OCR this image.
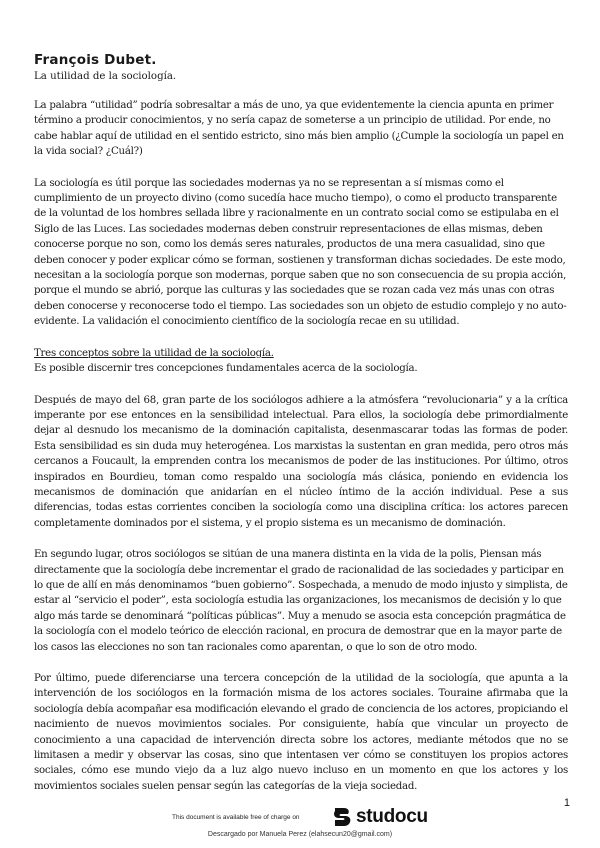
François Dubet.
La utilidad de la sociología.

La palabra “utilidad” podría sobresaltar a más de uno, ya que evidentemente la ciencia apunta en primer término a producir conocimientos, y no sería capaz de someterse a un principio de utilidad. Por ende, no cabe hablar aquí de utilidad en el sentido estricto, sino más bien amplio (¿Cumple la sociología un papel en la vida social? ¿Cuál?)

La sociología es útil porque las sociedades modernas ya no se representan a sí mismas como el cumplimiento de un proyecto divino (como sucedía hace mucho tiempo), o como el producto transparente de la voluntad de los hombres sellada libre y racionalmente en un contrato social como se estipulaba en el Siglo de las Luces. Las sociedades modernas deben construir representaciones de ellas mismas, deben conocerse porque no son, como los demás seres naturales, productos de una mera casualidad, sino que deben conocer y poder explicar cómo se forman, sostienen y transforman dichas sociedades. De este modo, necesitan a la sociología porque son modernas, porque saben que no son consecuencia de su propia acción, porque el mundo se abrió, porque las culturas y las sociedades que se rozan cada vez más unas con otras deben conocerse y reconocerse todo el tiempo. Las sociedades son un objeto de estudio complejo y no auto-evidente. La validación el conocimiento científico de la sociología recae en su utilidad.

Tres conceptos sobre la utilidad de la sociología.

Es posible discernir tres concepciones fundamentales acerca de la sociología.

Después de mayo del 68, gran parte de los sociólogos adhiere a la atmósfera “revolucionaria” y a la crítica imperante por ese entonces en la sensibilidad intelectual. Para ellos, la sociología debe primordialmente dejar al desnudo los mecanismo de la dominación capitalista, desenmascarar todas las formas de poder. Esta sensibilidad es sin duda muy heterogénea. Los marxistas la sustentan en gran medida, pero otros más cercanos a Foucault, la emprenden contra los mecanismos de poder de las instituciones. Por último, otros inspirados en Bourdieu, toman como respaldo una sociología más clásica, poniendo en evidencia los mecanismos de dominación que anidarían en el núcleo íntimo de la acción individual. Pese a sus diferencias, todas estas corrientes conciben la sociología como una disciplina crítica: los actores parecen completamente dominados por el sistema, y el propio sistema es un mecanismo de dominación.

En segundo lugar, otros sociólogos se sitúan de una manera distinta en la vida de la polis, Piensan más directamente que la sociología debe incrementar el grado de racionalidad de las sociedades y participar en lo que de allí en más denominamos “buen gobierno”. Sospechada, a menudo de modo injusto y simplista, de estar al “servicio el poder”, esta sociología estudia las organizaciones, los mecanismos de decisión y lo que algo más tarde se denominará “políticas públicas”. Muy a menudo se asocia esta concepción pragmática de la sociología con el modelo teórico de elección racional, en procura de demostrar que en la mayor parte de los casos las elecciones no son tan racionales como aparentan, o que lo son de otro modo.

Por último, puede diferenciarse una tercera concepción de la utilidad de la sociología, que apunta a la intervención de los sociólogos en la formación misma de los actores sociales. Touraine afirmaba que la sociología debía acompañar esa modificación elevando el grado de conciencia de los actores, propiciando el nacimiento de nuevos movimientos sociales. Por consiguiente, había que vincular un proyecto de conocimiento a una capacidad de intervención directa sobre los actores, mediante métodos que no se limitasen a medir y observar las cosas, sino que intentasen ver cómo se constituyen los propios actores sociales, cómo ese mundo viejo da a luz algo nuevo incluso en un momento en que los actores y los movimientos sociales suelen pensar según las categorías de la vieja sociedad.

1
This document is available free of charge on	studocu
Descargado por Manuela Perez (elahsecun20@gmail.com)
